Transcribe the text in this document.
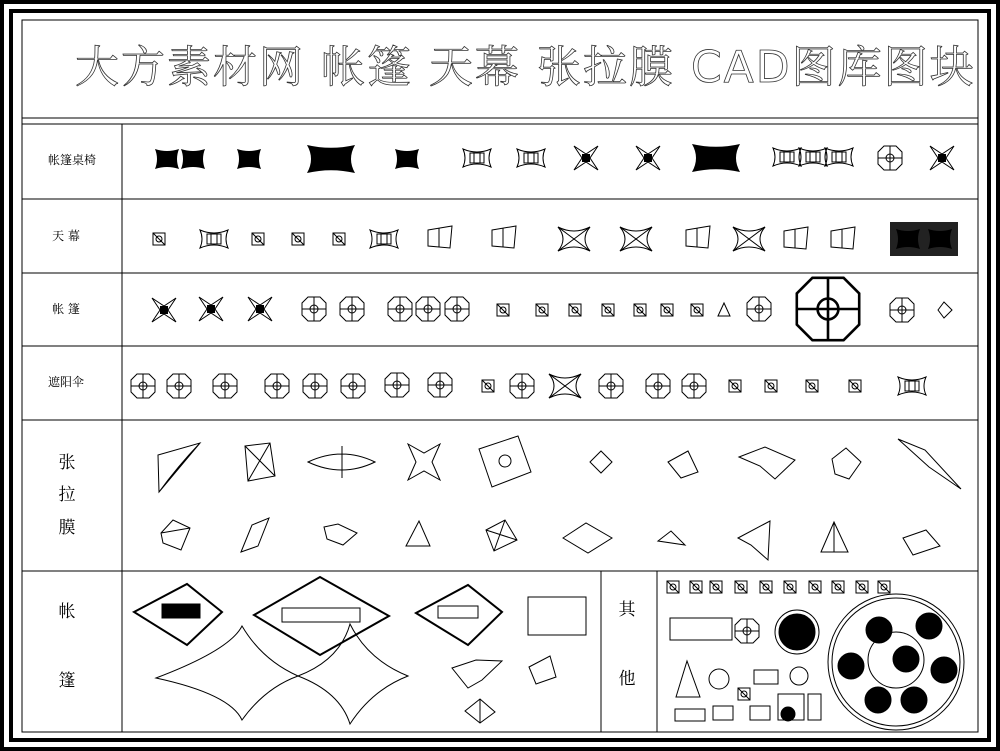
大方素材网 帐篷 天幕 张拉膜 CAD图库图块
帐篷桌椅
天 幕
帐 篷
遮阳伞
张
拉
膜
帐
篷
其
他
